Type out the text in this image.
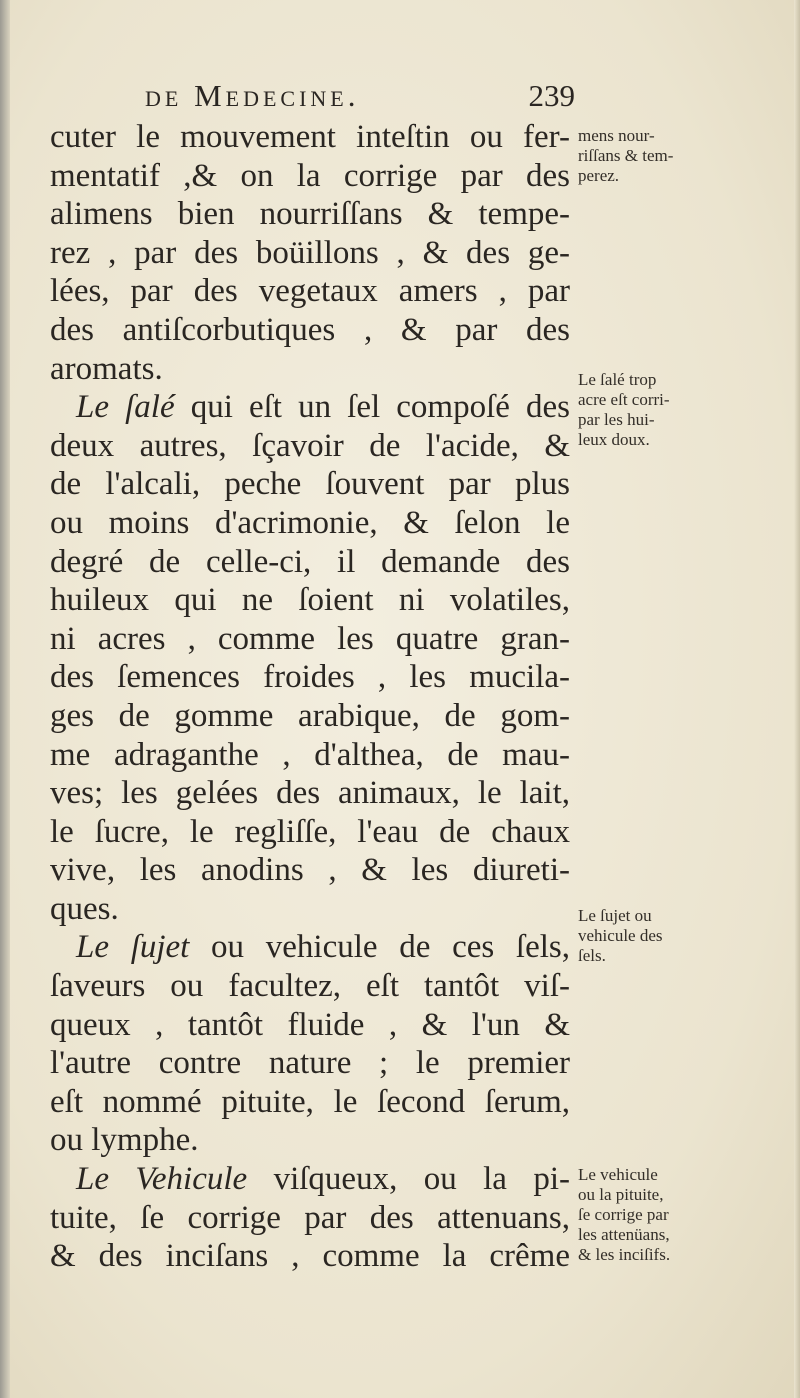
de Medecine.	239
cuter le mouvement inteſtin ou fer-
mentatif ,& on la corrige par des
alimens bien nourriſſans & tempe-
rez , par des boüillons , & des ge-
lées, par des vegetaux amers , par
des antiſcorbutiques , & par des
aromats.
Le ſalé qui eſt un ſel compoſé des
deux autres, ſçavoir de l'acide, &
de l'alcali, peche ſouvent par plus
ou moins d'acrimonie, & ſelon le
degré de celle-ci, il demande des
huileux qui ne ſoient ni volatiles,
ni acres , comme les quatre gran-
des ſemences froides , les mucila-
ges de gomme arabique, de gom-
me adraganthe , d'althea, de mau-
ves; les gelées des animaux, le lait,
le ſucre, le regliſſe, l'eau de chaux
vive, les anodins , & les diureti-
ques.
Le ſujet ou vehicule de ces ſels,
ſaveurs ou facultez, eſt tantôt viſ-
queux , tantôt fluide , & l'un &
l'autre contre nature ; le premier
eſt nommé pituite, le ſecond ſerum,
ou lymphe.
Le Vehicule viſqueux, ou la pi-
tuite, ſe corrige par des attenuans,
& des inciſans , comme la crême
mens nour-
riſſans & tem-
perez.
Le ſalé trop
acre eſt corri-
par les hui-
leux doux.
Le ſujet ou
vehicule des
ſels.
Le vehicule
ou la pituite,
ſe corrige par
les attenüans,
& les inciſifs.
